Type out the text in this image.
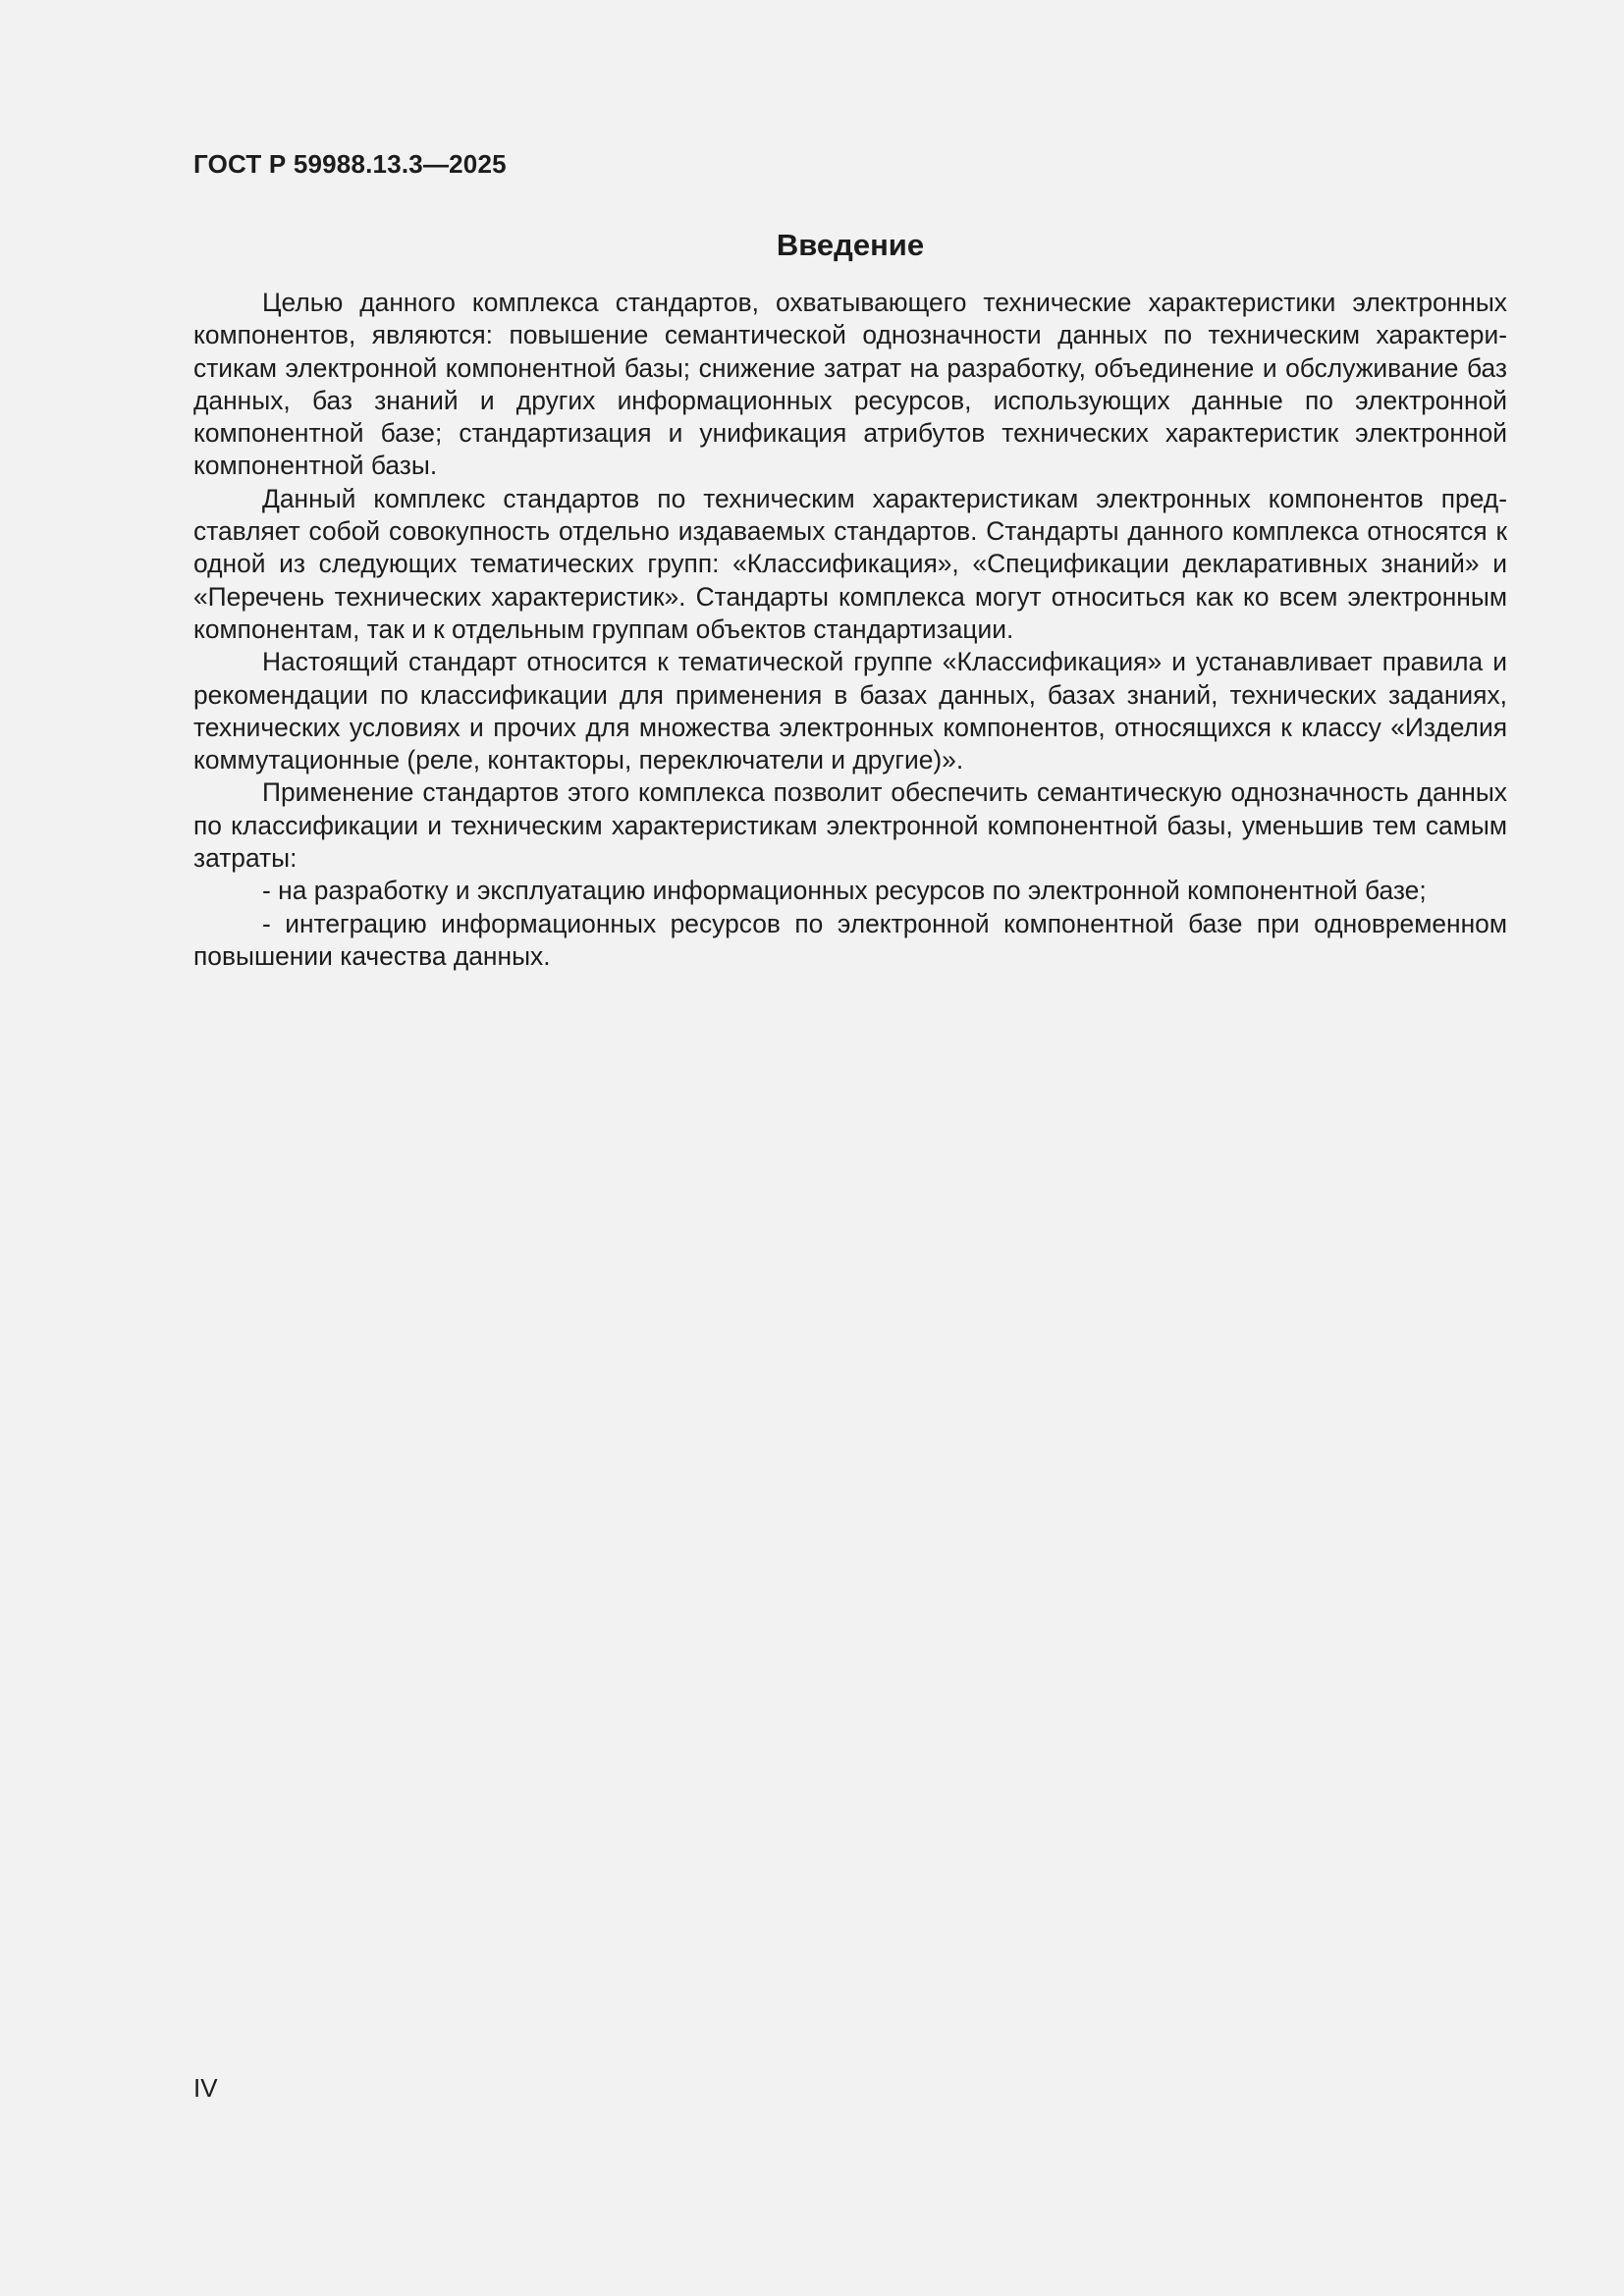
ГОСТ Р 59988.13.3—2025
Введение

Целью данного комплекса стандартов, охватывающего технические характеристики электронных компонентов, являются: повышение семантической однозначности данных по техническим характеристикам электронной компонентной базы; снижение затрат на разработку, объединение и обслуживание баз данных, баз знаний и других информационных ресурсов, использующих данные по электронной компонентной базе; стандартизация и унификация атрибутов технических характеристик электронной компонентной базы.

Данный комплекс стандартов по техническим характеристикам электронных компонентов представляет собой совокупность отдельно издаваемых стандартов. Стандарты данного комплекса относятся к одной из следующих тематических групп: «Классификация», «Спецификации декларативных знаний» и «Перечень технических характеристик». Стандарты комплекса могут относиться как ко всем электронным компонентам, так и к отдельным группам объектов стандартизации.

Настоящий стандарт относится к тематической группе «Классификация» и устанавливает правила и рекомендации по классификации для применения в базах данных, базах знаний, технических заданиях, технических условиях и прочих для множества электронных компонентов, относящихся к классу «Изделия коммутационные (реле, контакторы, переключатели и другие)».

Применение стандартов этого комплекса позволит обеспечить семантическую однозначность данных по классификации и техническим характеристикам электронной компонентной базы, уменьшив тем самым затраты:

- на разработку и эксплуатацию информационных ресурсов по электронной компонентной базе;

- интеграцию информационных ресурсов по электронной компонентной базе при одновременном повышении качества данных.

IV
